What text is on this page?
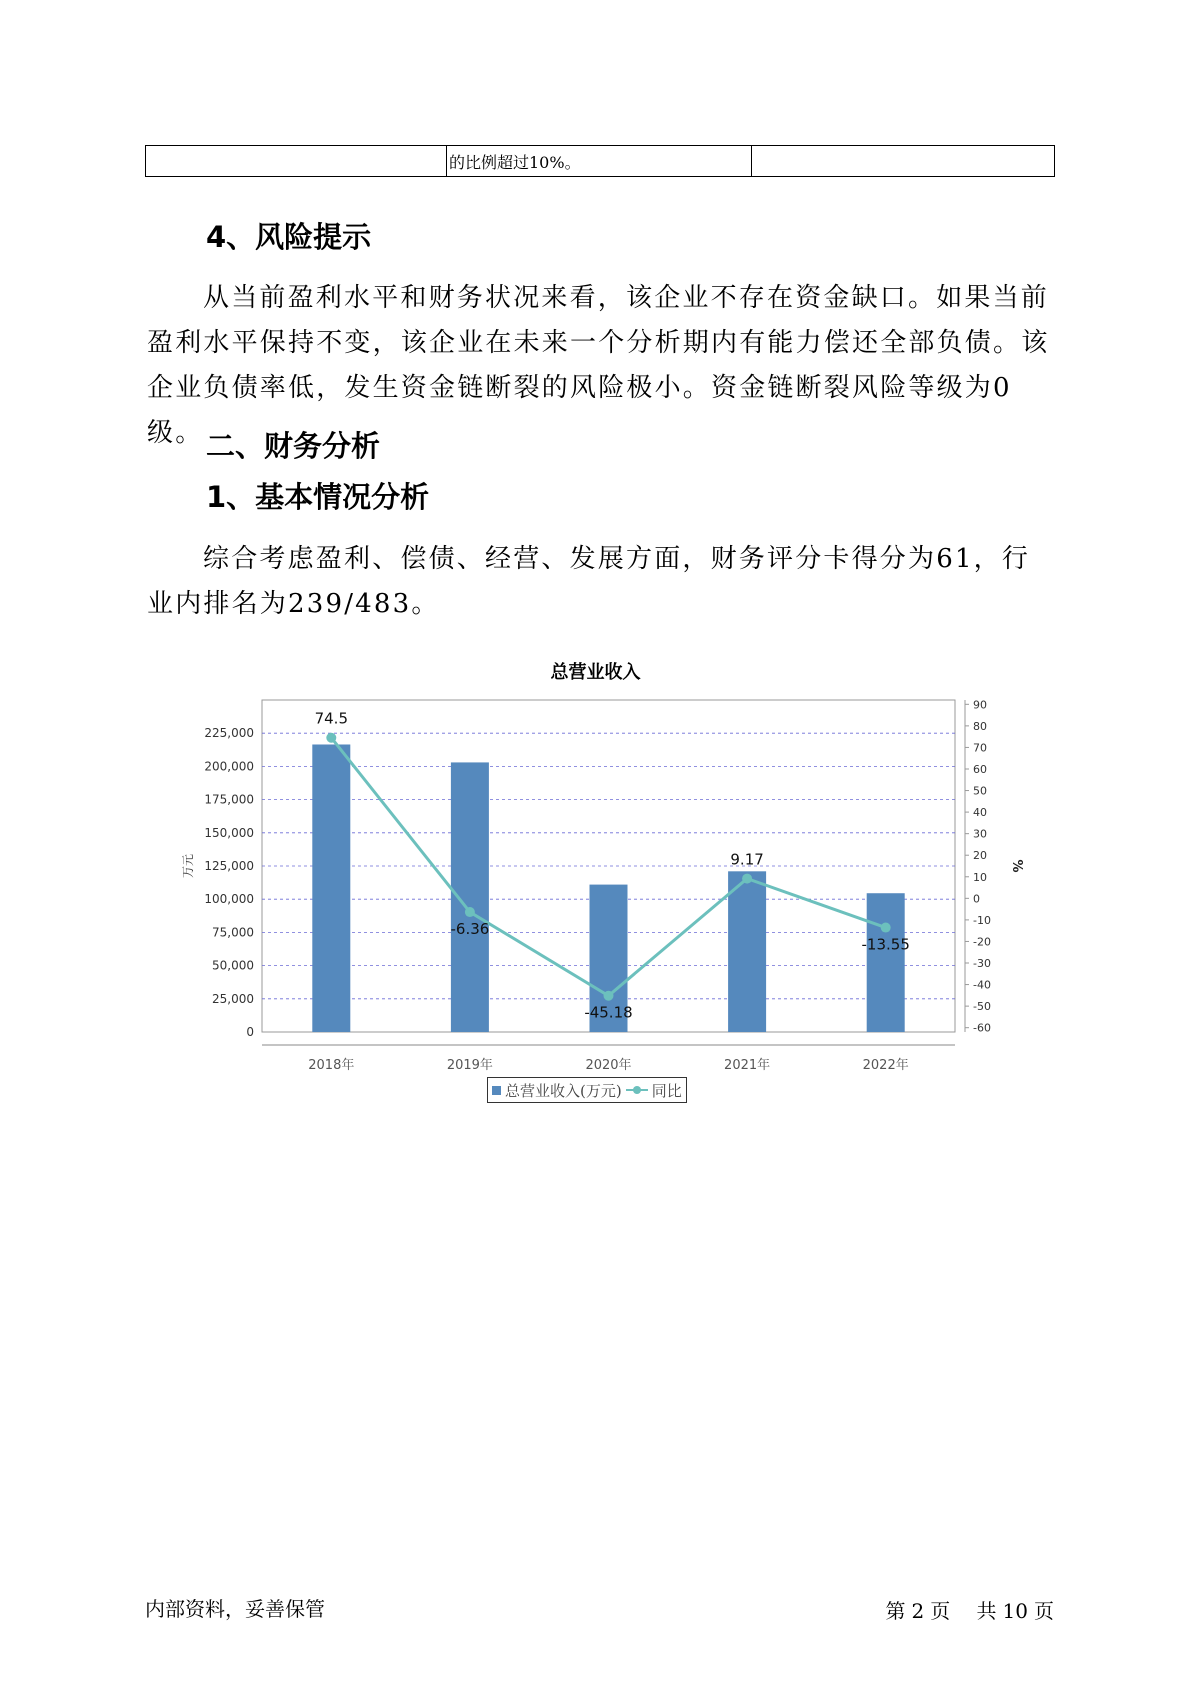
	的比例超过10%。	
4、风险提示

从当前盈利水平和财务状况来看，该企业不存在资金缺口。如果当前盈利水平保持不变，该企业在未来一个分析期内有能力偿还全部负债。该企业负债率低，发生资金链断裂的风险极小。资金链断裂风险等级为0级。 二、财务分析
1、基本情况分析

综合考虑盈利、偿债、经营、发展方面，财务评分卡得分为61，行业内排名为239/483。

总营业收入
0
25,000
50,000
75,000
100,000
125,000
150,000
175,000
200,000
225,000
-60
-50
-40
-30
-20
-10
0
10
20
30
40
50
60
70
80
90
万元	%
2018年	2019年	2020年	2021年	2022年
74.5
-6.36
-45.18
9.17
-13.55
总营业收入(万元) 同比
内部资料，妥善保管	第 2 页 共 10 页
